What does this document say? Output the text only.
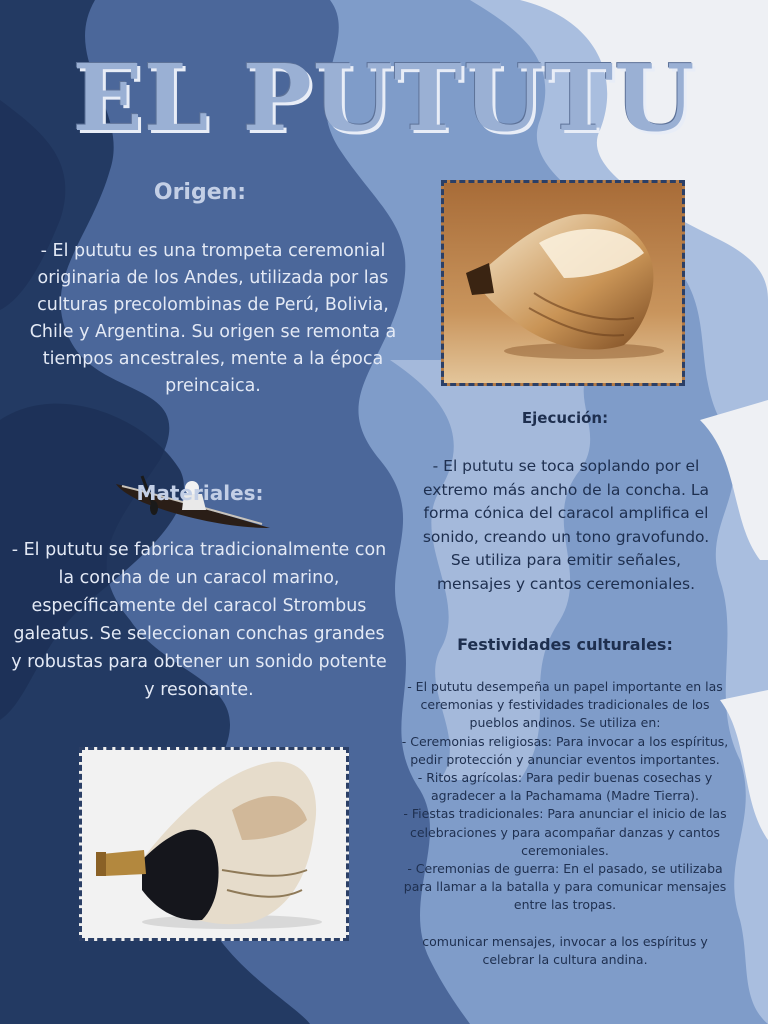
EL PUTUTU
Origen:
- El pututu es una trompeta ceremonial originaria de los Andes, utilizada por las culturas precolombinas de Perú, Bolivia, Chile y Argentina. Su origen se remonta a tiempos ancestrales, mente a la época preincaica.
Materiales:
- El pututu se fabrica tradicionalmente con la concha de un caracol marino, específicamente del caracol Strombus galeatus. Se seleccionan conchas grandes y robustas para obtener un sonido potente y resonante.
Ejecución:
- El pututu se toca soplando por el extremo más ancho de la concha. La forma cónica del caracol amplifica el sonido, creando un tono gravofundo. Se utiliza para emitir señales, mensajes y cantos ceremoniales.
Festividades culturales:

- El pututu desempeña un papel importante en las ceremonias y festividades tradicionales de los pueblos andinos. Se utiliza en:

- Ceremonias religiosas: Para invocar a los espíritus, pedir protección y anunciar eventos importantes.

- Ritos agrícolas: Para pedir buenas cosechas y agradecer a la Pachamama (Madre Tierra).

- Fiestas tradicionales: Para anunciar el inicio de las celebraciones y para acompañar danzas y cantos ceremoniales.

- Ceremonias de guerra: En el pasado, se utilizaba para llamar a la batalla y para comunicar mensajes entre las tropas.

comunicar mensajes, invocar a los espíritus y celebrar la cultura andina.
